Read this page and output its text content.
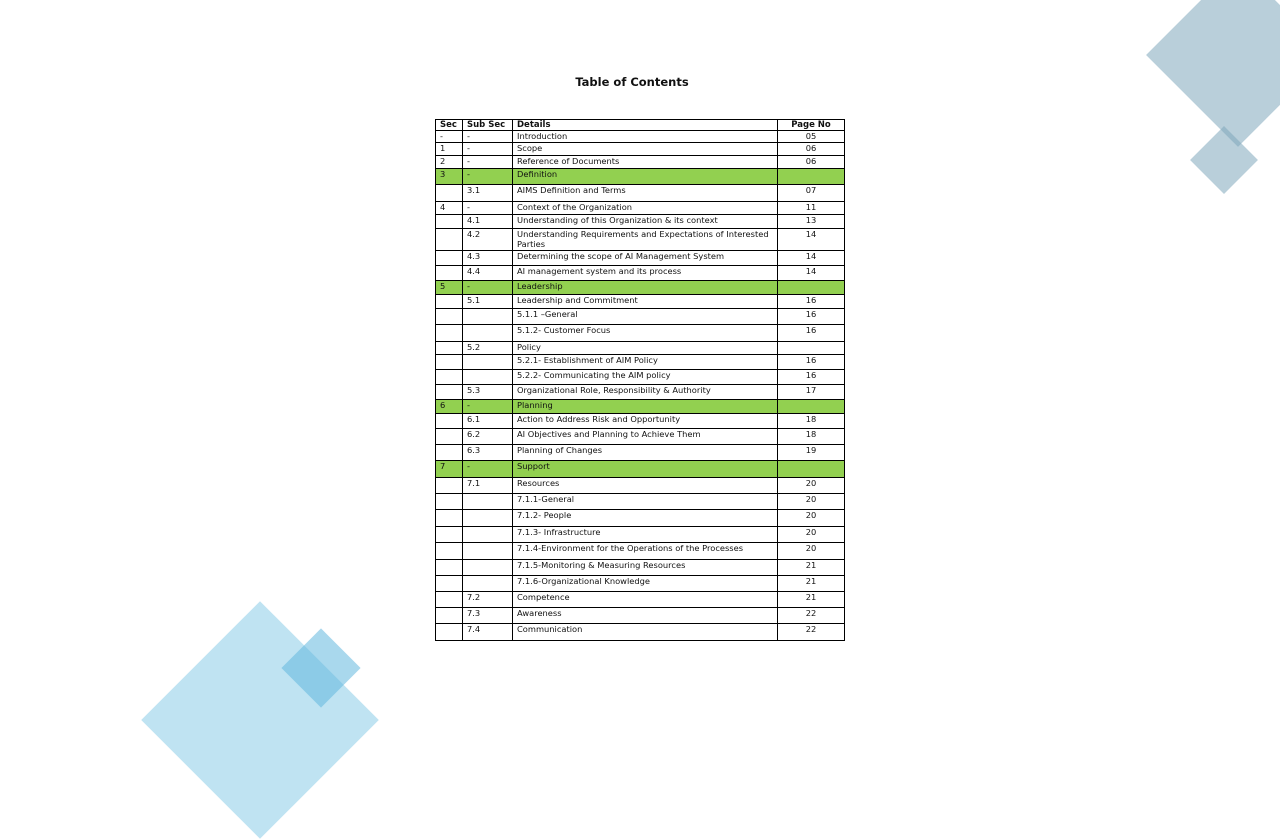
Table of Contents
Sec	Sub Sec	Details	Page No
-	-	Introduction	05
1	-	Scope	06
2	-	Reference of Documents	06
3	-	Definition	
	3.1	AIMS Definition and Terms	07
4	-	Context of the Organization	11
	4.1	Understanding of this Organization & its context	13
	4.2	Understanding Requirements and Expectations of Interested Parties	14
	4.3	Determining the scope of AI Management System	14
	4.4	AI management system and its process	14
5	-	Leadership	
	5.1	Leadership and Commitment	16
		5.1.1 –General	16
		5.1.2- Customer Focus	16
	5.2	Policy	
		5.2.1- Establishment of AIM Policy	16
		5.2.2- Communicating the AIM policy	16
	5.3	Organizational Role, Responsibility & Authority	17
6	-	Planning	
	6.1	Action to Address Risk and Opportunity	18
	6.2	AI Objectives and Planning to Achieve Them	18
	6.3	Planning of Changes	19
7	-	Support	
	7.1	Resources	20
		7.1.1-General	20
		7.1.2- People	20
		7.1.3- Infrastructure	20
		7.1.4-Environment for the Operations of the Processes	20
		7.1.5-Monitoring & Measuring Resources	21
		7.1.6-Organizational Knowledge	21
	7.2	Competence	21
	7.3	Awareness	22
	7.4	Communication	22
